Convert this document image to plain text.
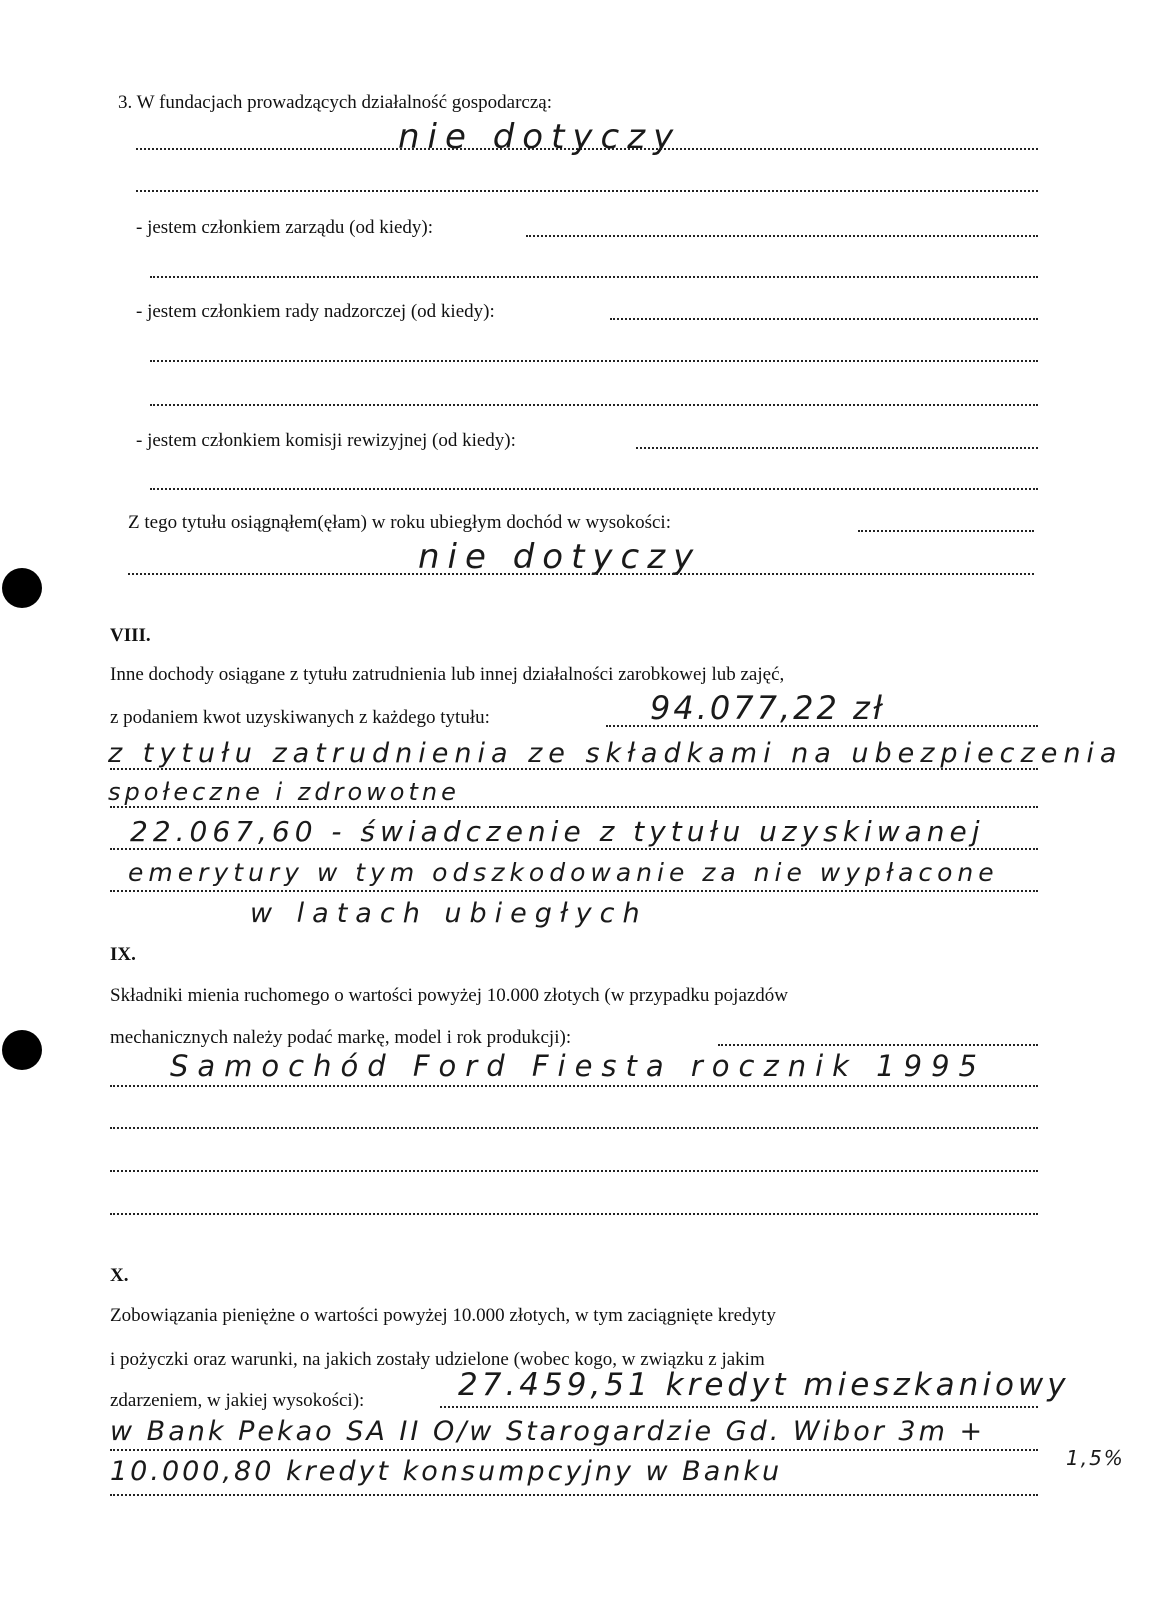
3. W fundacjach prowadzących działalność gospodarczą:
nie dotyczy
- jestem członkiem zarządu (od kiedy):
- jestem członkiem rady nadzorczej (od kiedy):
- jestem członkiem komisji rewizyjnej (od kiedy):
Z tego tytułu osiągnąłem(ęłam) w roku ubiegłym dochód w wysokości:
nie dotyczy
VIII.
Inne dochody osiągane z tytułu zatrudnienia lub innej działalności zarobkowej lub zajęć,
z podaniem kwot uzyskiwanych z każdego tytułu:	94.077,22 zł
z tytułu zatrudnienia ze składkami na ubezpieczenia
społeczne i zdrowotne
22.067,60 - świadczenie z tytułu uzyskiwanej
emerytury w tym odszkodowanie za nie wypłacone
w latach ubiegłych
IX.
Składniki mienia ruchomego o wartości powyżej 10.000 złotych (w przypadku pojazdów
mechanicznych należy podać markę, model i rok produkcji):
Samochód Ford Fiesta rocznik 1995
X.
Zobowiązania pieniężne o wartości powyżej 10.000 złotych, w tym zaciągnięte kredyty
i pożyczki oraz warunki, na jakich zostały udzielone (wobec kogo, w związku z jakim
zdarzeniem, w jakiej wysokości):	27.459,51 kredyt mieszkaniowy
w Bank Pekao SA II O/w Starogardzie Gd. Wibor 3m +
1,5%
10.000,80 kredyt konsumpcyjny w Banku
